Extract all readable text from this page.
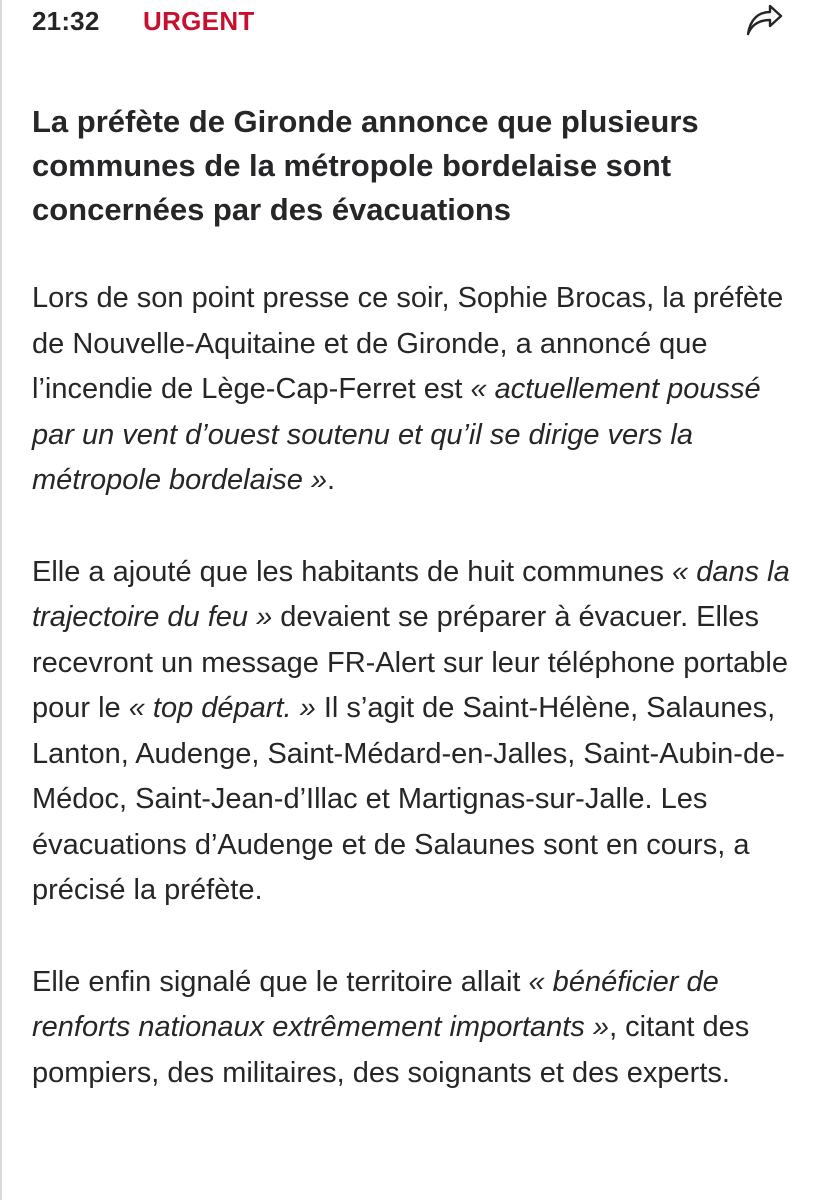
21:32 URGENT
La préfète de Gironde annonce que plusieurs communes de la métropole bordelaise sont concernées par des évacuations

Lors de son point presse ce soir, Sophie Brocas, la préfète de Nouvelle-Aquitaine et de Gironde, a annoncé que l’incendie de Lège-Cap-Ferret est « actuellement poussé par un vent d’ouest soutenu et qu’il se dirige vers la métropole bordelaise ».

Elle a ajouté que les habitants de huit communes « dans la trajectoire du feu » devaient se préparer à évacuer. Elles recevront un message FR-Alert sur leur téléphone portable pour le « top départ. » Il s’agit de Saint-Hélène, Salaunes, Lanton, Audenge, Saint-Médard-en-Jalles, Saint-Aubin-de-Médoc, Saint-Jean-d’Illac et Martignas-sur-Jalle. Les évacuations d’Audenge et de Salaunes sont en cours, a précisé la préfète.

Elle enfin signalé que le territoire allait « bénéficier de renforts nationaux extrêmement importants », citant des pompiers, des militaires, des soignants et des experts.
